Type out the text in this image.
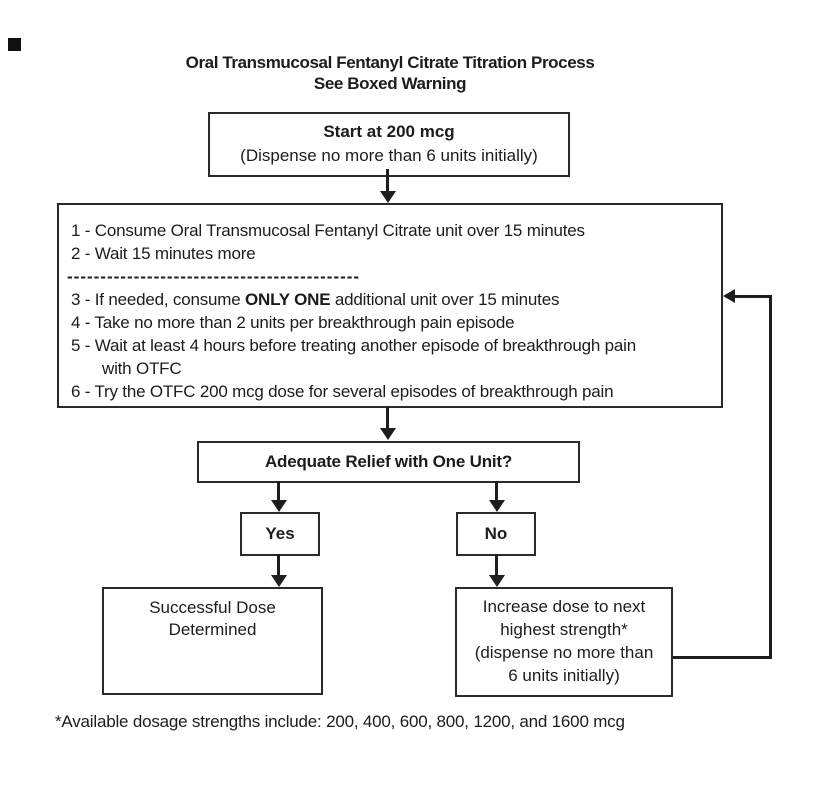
Oral Transmucosal Fentanyl Citrate Titration Process
See Boxed Warning
Start at 200 mcg
(Dispense no more than 6 units initially)
1 - Consume Oral Transmucosal Fentanyl Citrate unit over 15 minutes
2 - Wait 15 minutes more
--------------------------------------------
3 - If needed, consume ONLY ONE additional unit over 15 minutes
4 - Take no more than 2 units per breakthrough pain episode
5 - Wait at least 4 hours before treating another episode of breakthrough pain
with OTFC
6 - Try the OTFC 200 mcg dose for several episodes of breakthrough pain
Adequate Relief with One Unit?
Yes	No
Successful Dose
Determined
Increase dose to next
highest strength*
(dispense no more than
6 units initially)
*Available dosage strengths include: 200, 400, 600, 800, 1200, and 1600 mcg
